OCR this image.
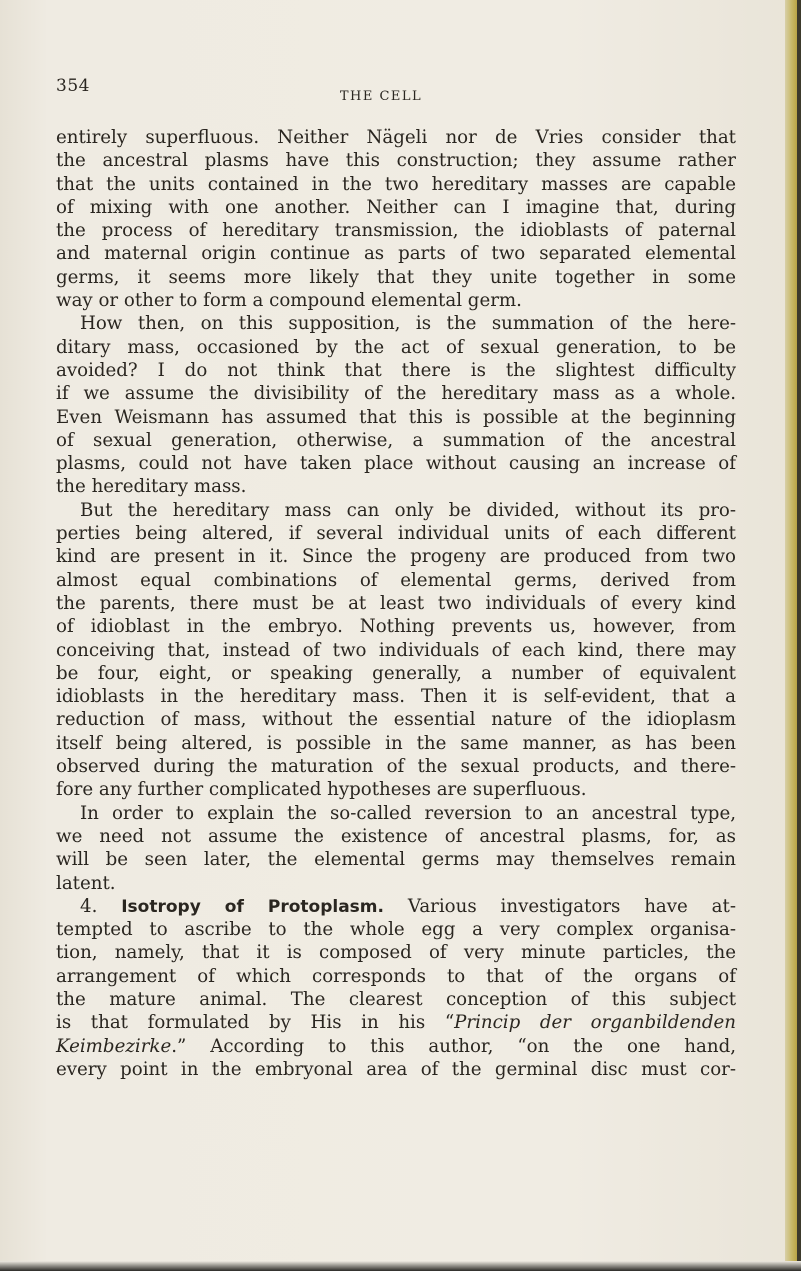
354
THE CELL
entirely superfluous. Neither Nägeli nor de Vries consider that
the ancestral plasms have this construction; they assume rather
that the units contained in the two hereditary masses are capable
of mixing with one another. Neither can I imagine that, during
the process of hereditary transmission, the idioblasts of paternal
and maternal origin continue as parts of two separated elemental
germs, it seems more likely that they unite together in some
way or other to form a compound elemental germ.
How then, on this supposition, is the summation of the here-
ditary mass, occasioned by the act of sexual generation, to be
avoided? I do not think that there is the slightest difficulty
if we assume the divisibility of the hereditary mass as a whole.
Even Weismann has assumed that this is possible at the beginning
of sexual generation, otherwise, a summation of the ancestral
plasms, could not have taken place without causing an increase of
the hereditary mass.
But the hereditary mass can only be divided, without its pro-
perties being altered, if several individual units of each different
kind are present in it. Since the progeny are produced from two
almost equal combinations of elemental germs, derived from
the parents, there must be at least two individuals of every kind
of idioblast in the embryo. Nothing prevents us, however, from
conceiving that, instead of two individuals of each kind, there may
be four, eight, or speaking generally, a number of equivalent
idioblasts in the hereditary mass. Then it is self-evident, that a
reduction of mass, without the essential nature of the idioplasm
itself being altered, is possible in the same manner, as has been
observed during the maturation of the sexual products, and there-
fore any further complicated hypotheses are superfluous.
In order to explain the so-called reversion to an ancestral type,
we need not assume the existence of ancestral plasms, for, as
will be seen later, the elemental germs may themselves remain
latent.
4. Isotropy of Protoplasm. Various investigators have at-
tempted to ascribe to the whole egg a very complex organisa-
tion, namely, that it is composed of very minute particles, the
arrangement of which corresponds to that of the organs of
the mature animal. The clearest conception of this subject
is that formulated by His in his “Princip der organbildenden
Keimbezirke.” According to this author, “on the one hand,
every point in the embryonal area of the germinal disc must cor-
